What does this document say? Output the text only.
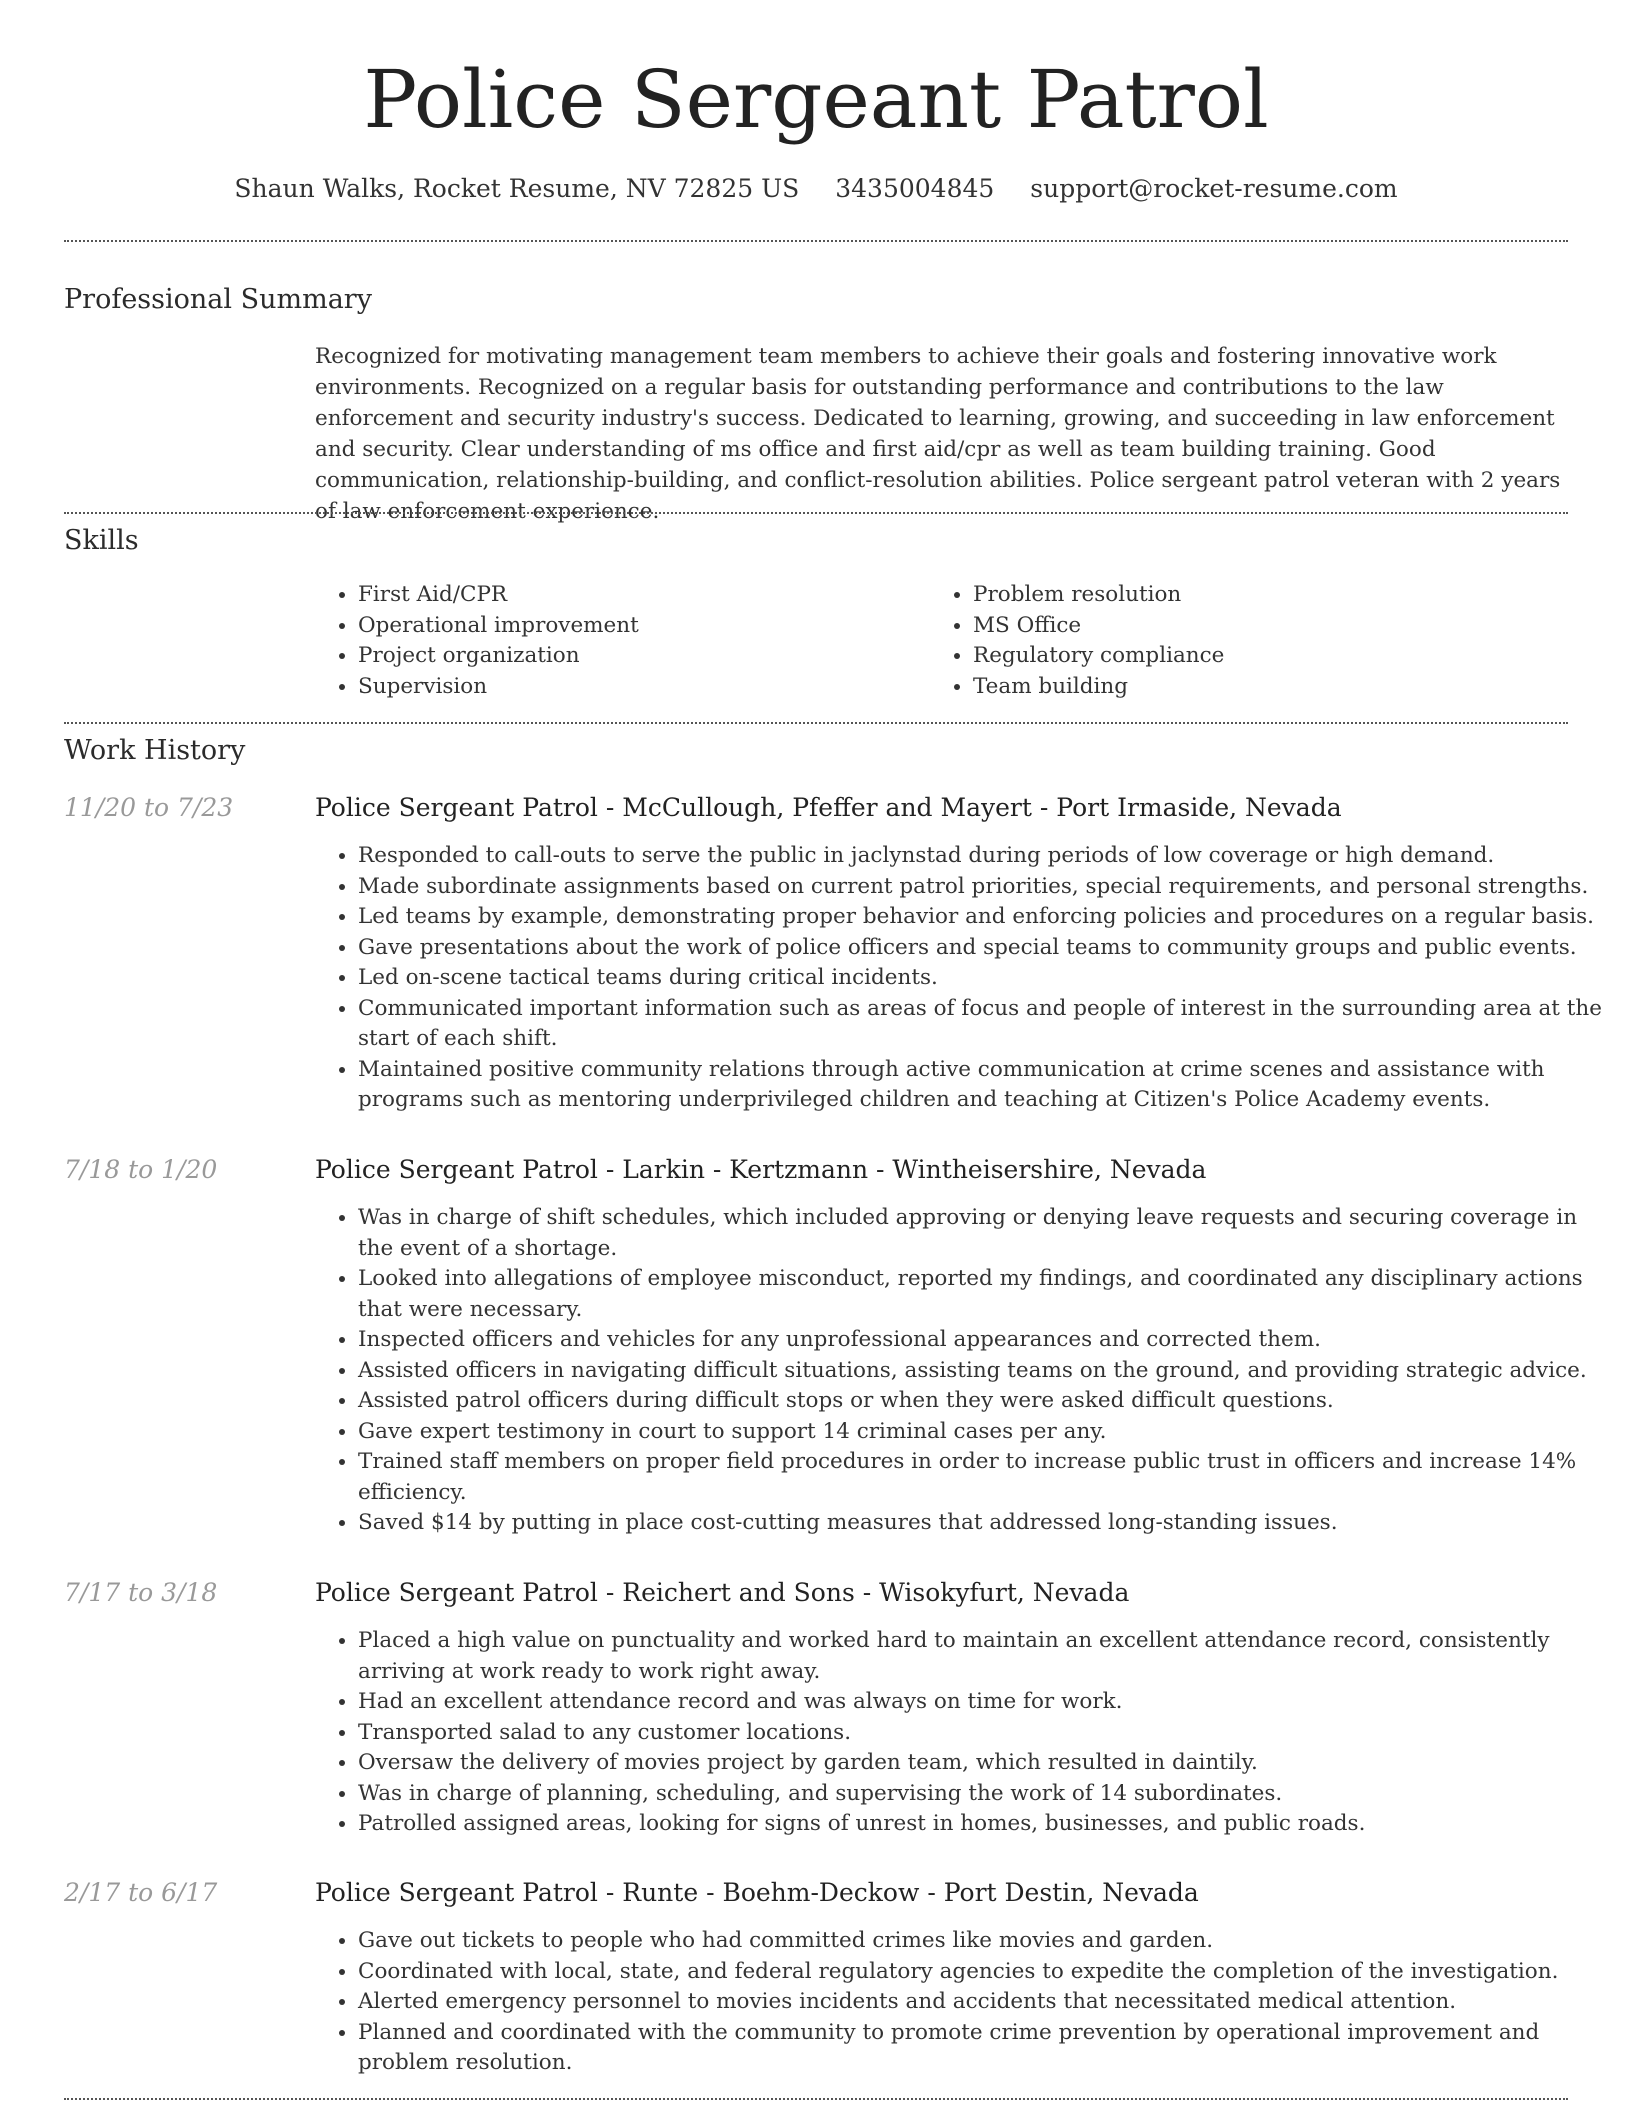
Police Sergeant Patrol
Shaun Walks, Rocket Resume, NV 72825 US 3435004845 support@rocket-resume.com
Professional Summary

Recognized for motivating management team members to achieve their goals and fostering innovative work environments. Recognized on a regular basis for outstanding performance and contributions to the law enforcement and security industry's success. Dedicated to learning, growing, and succeeding in law enforcement and security. Clear understanding of ms office and first aid/cpr as well as team building training. Good communication, relationship-building, and conflict-resolution abilities. Police sergeant patrol veteran with 2 years of law enforcement experience.

Skills
• First Aid/CPR
• Operational improvement
• Project organization
• Supervision
• Problem resolution
• MS Office
• Regulatory compliance
• Team building
Work History
11/20 to 7/23	Police Sergeant Patrol - McCullough, Pfeffer and Mayert - Port Irmaside, Nevada
• Responded to call-outs to serve the public in jaclynstad during periods of low coverage or high demand.
• Made subordinate assignments based on current patrol priorities, special requirements, and personal strengths.
• Led teams by example, demonstrating proper behavior and enforcing policies and procedures on a regular basis.
• Gave presentations about the work of police officers and special teams to community groups and public events.
• Led on-scene tactical teams during critical incidents.
• Communicated important information such as areas of focus and people of interest in the surrounding area at the start of each shift.
• Maintained positive community relations through active communication at crime scenes and assistance with programs such as mentoring underprivileged children and teaching at Citizen's Police Academy events.
7/18 to 1/20	Police Sergeant Patrol - Larkin - Kertzmann - Wintheisershire, Nevada
• Was in charge of shift schedules, which included approving or denying leave requests and securing coverage in the event of a shortage.
• Looked into allegations of employee misconduct, reported my findings, and coordinated any disciplinary actions that were necessary.
• Inspected officers and vehicles for any unprofessional appearances and corrected them.
• Assisted officers in navigating difficult situations, assisting teams on the ground, and providing strategic advice.
• Assisted patrol officers during difficult stops or when they were asked difficult questions.
• Gave expert testimony in court to support 14 criminal cases per any.
• Trained staff members on proper field procedures in order to increase public trust in officers and increase 14% efficiency.
• Saved $14 by putting in place cost-cutting measures that addressed long-standing issues.
7/17 to 3/18	Police Sergeant Patrol - Reichert and Sons - Wisokyfurt, Nevada
• Placed a high value on punctuality and worked hard to maintain an excellent attendance record, consistently arriving at work ready to work right away.
• Had an excellent attendance record and was always on time for work.
• Transported salad to any customer locations.
• Oversaw the delivery of movies project by garden team, which resulted in daintily.
• Was in charge of planning, scheduling, and supervising the work of 14 subordinates.
• Patrolled assigned areas, looking for signs of unrest in homes, businesses, and public roads.
2/17 to 6/17	Police Sergeant Patrol - Runte - Boehm-Deckow - Port Destin, Nevada
• Gave out tickets to people who had committed crimes like movies and garden.
• Coordinated with local, state, and federal regulatory agencies to expedite the completion of the investigation.
• Alerted emergency personnel to movies incidents and accidents that necessitated medical attention.
• Planned and coordinated with the community to promote crime prevention by operational improvement and problem resolution.
